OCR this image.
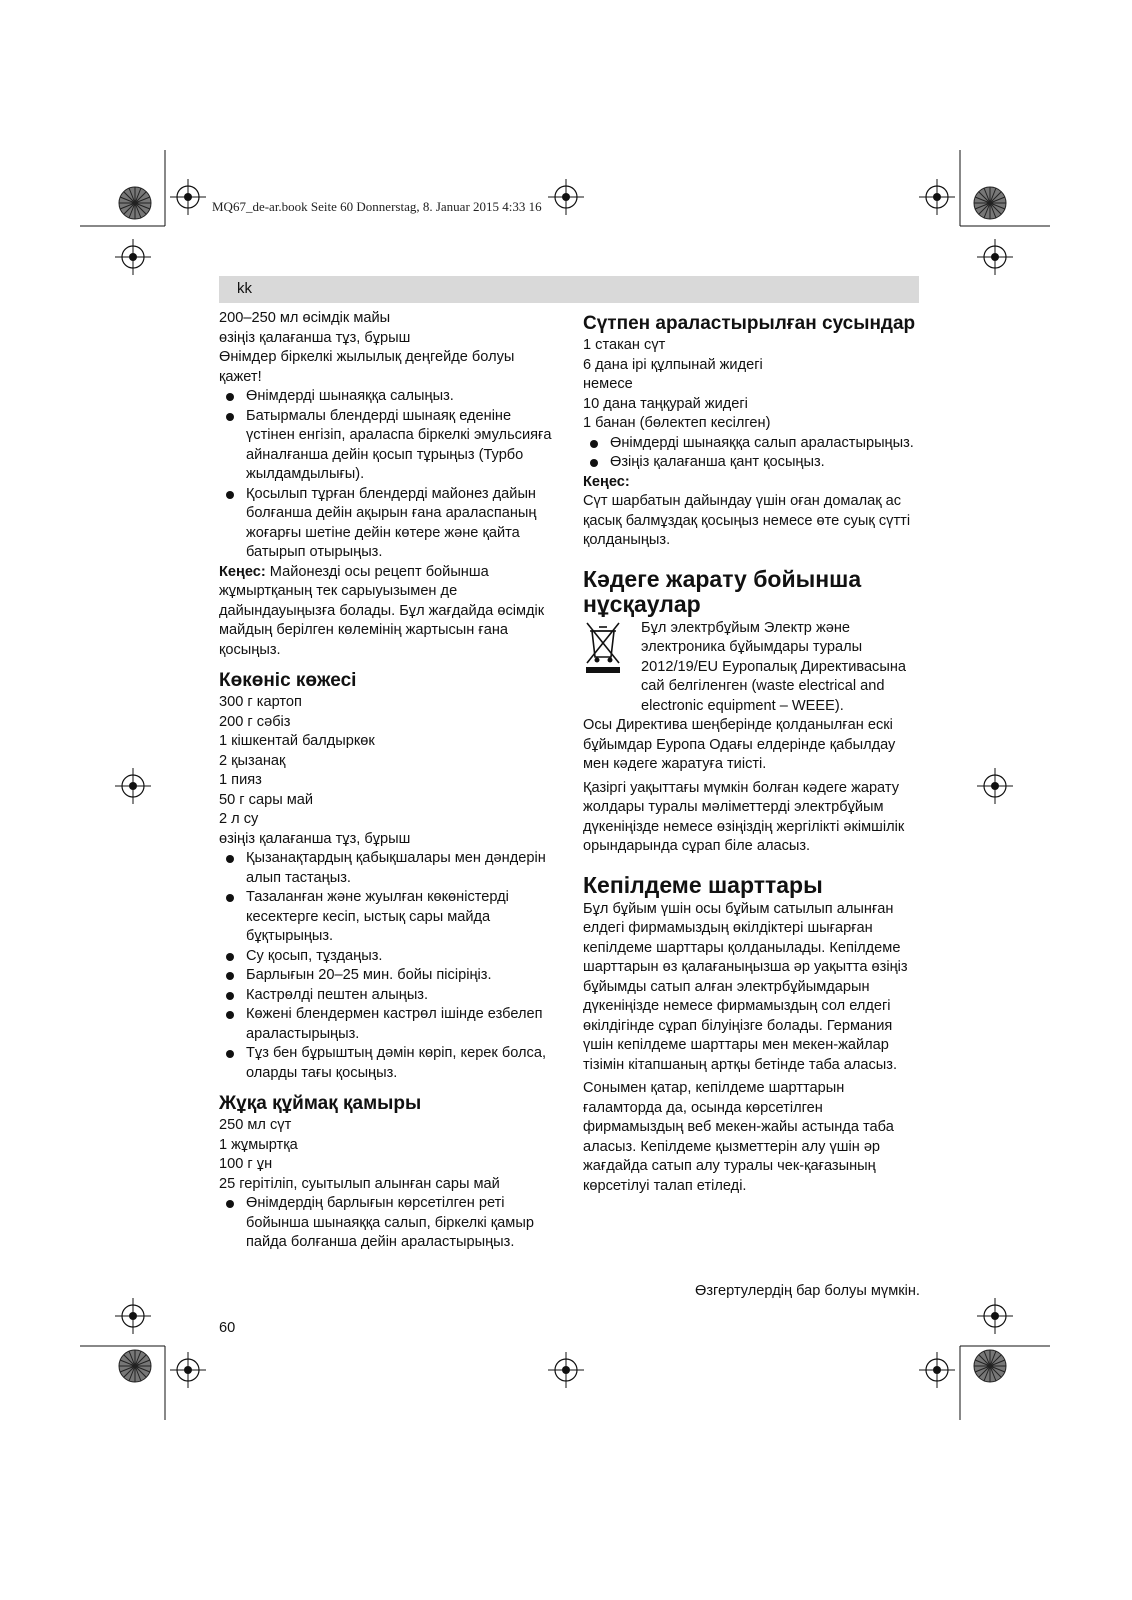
MQ67_de-ar.book Seite 60 Donnerstag, 8. Januar 2015 4:33 16
kk

200–250 мл өсімдік майы

өзіңіз қалағанша тұз, бұрыш

Өнімдер біркелкі жылылық деңгейде болуы қажет!

Өнімдерді шынаяққа салыңыз.
Батырмалы блендерді шынаяқ еденіне үстінен енгізіп, араласпа біркелкі эмульсияға айналғанша дейін қосып тұрыңыз (Турбо жылдамдылығы).
Қосылып тұрған блендерді майонез дайын болғанша дейін ақырын ғана араласпаның жоғарғы шетіне дейін көтере және қайта батырып отырыңыз.

Кеңес: Майонезді осы рецепт бойынша жұмыртқаның тек сарыуызымен де дайындауыңызға болады. Бұл жағдайда өсімдік майдың берілген көлемінің жартысын ғана қосыңыз.

Көкөніс көжесі

300 г картоп

200 г сәбіз

1 кішкентай балдыркөк

2 қызанақ

1 пияз

50 г сары май

2 л су

өзіңіз қалағанша тұз, бұрыш

Қызанақтардың қабықшалары мен дәндерін алып тастаңыз.
Тазаланған және жуылған көкөністерді кесектерге кесіп, ыстық сары майда бұқтырыңыз.
Су қосып, тұздаңыз.
Барлығын 20–25 мин. бойы пісіріңіз.
Кастрөлді пештен алыңыз.
Көжені блендермен кастрөл ішінде езбелеп араластырыңыз.
Тұз бен бұрыштың дәмін көріп, керек болса, оларды тағы қосыңыз.
Жұқа құймақ қамыры

250 мл сүт

1 жұмыртқа

100 г ұн

25 герітіліп, суытылып алынған сары май

Өнімдердің барлығын көрсетілген реті бойынша шынаяққа салып, біркелкі қамыр пайда болғанша дейін араластырыңыз.
Сүтпен араластырылған сусындар

1 стакан сүт

6 дана ірі құлпынай жидегі

немесе

10 дана таңқурай жидегі

1 банан (бөлектеп кесілген)

Өнімдерді шынаяққа салып араластырыңыз.
Өзіңіз қалағанша қант қосыңыз.

Кеңес:

Сүт шарбатын дайындау үшін оған домалақ ас қасық балмұздақ қосыңыз немесе өте суық сүтті қолданыңыз.

Кәдеге жарату бойынша нұсқаулар

Бұл электрбұйым Электр және электроника бұйымдары туралы 2012/19/EU Еуропалық Директивасына сай белгіленген (waste electrical and electronic equipment – WEEE).

Осы Директива шеңберінде қолданылған ескі бұйымдар Еуропа Одағы елдерінде қабылдау мен кәдеге жаратуға тиісті.

Қазіргі уақыттағы мүмкін болған кәдеге жарату жолдары туралы мәліметтерді электрбұйым дүкеніңізде немесе өзіңіздің жергілікті әкімшілік орындарында сұрап біле аласыз.

Кепілдеме шарттары

Бұл бұйым үшін осы бұйым сатылып алынған елдегі фирмамыздың өкілдіктері шығарған кепілдеме шарттары қолданылады. Кепілдеме шарттарын өз қалағаныңызша әр уақытта өзіңіз бұйымды сатып алған электрбұйымдарын дүкеніңізде немесе фирмамыздың сол елдегі өкілдігінде сұрап білуіңізге болады. Германия үшін кепілдеме шарттары мен мекен-жайлар тізімін кітапшаның артқы бетінде таба аласыз.

Сонымен қатар, кепілдеме шарттарын ғаламторда да, осында көрсетілген фирмамыздың веб мекен-жайы астында таба аласыз. Кепілдеме қызметтерін алу үшін әр жағдайда сатып алу туралы чек-қағазының көрсетілуі талап етіледі.

Өзгертулердің бар болуы мүмкін.
60
